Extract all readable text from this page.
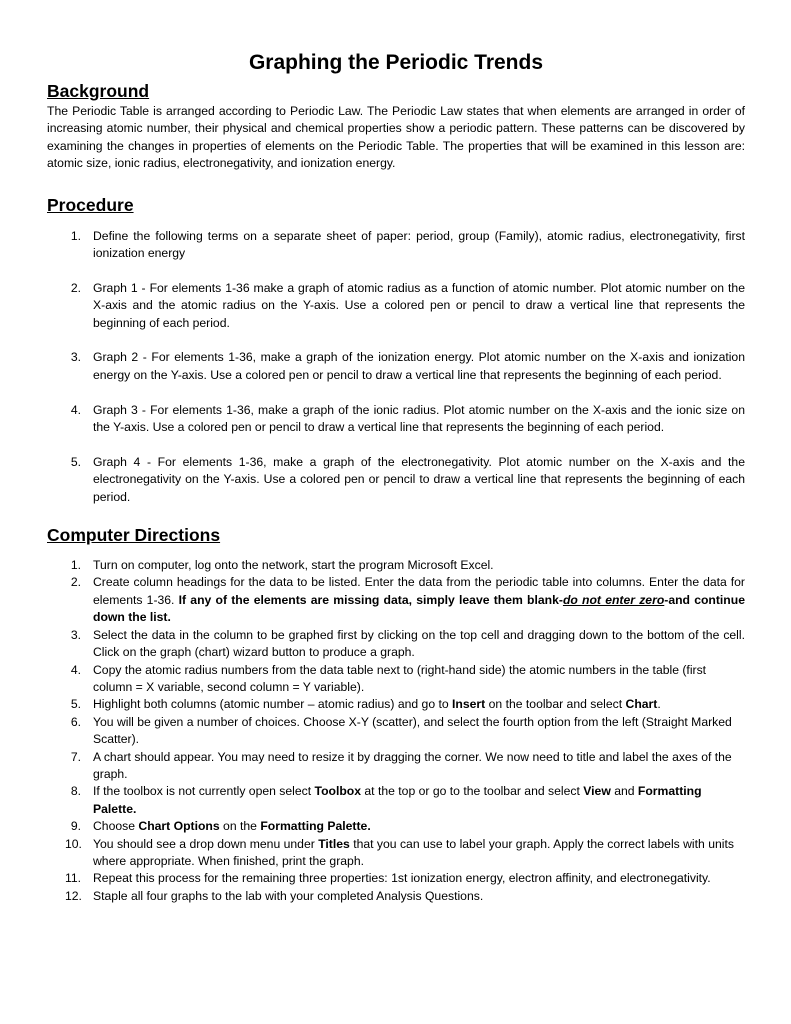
Graphing the Periodic Trends
Background

The Periodic Table is arranged according to Periodic Law. The Periodic Law states that when elements are arranged in order of increasing atomic number, their physical and chemical properties show a periodic pattern. These patterns can be discovered by examining the changes in properties of elements on the Periodic Table. The properties that will be examined in this lesson are: atomic size, ionic radius, electronegativity, and ionization energy.

Procedure
1. Define the following terms on a separate sheet of paper: period, group (Family), atomic radius, electronegativity, first ionization energy
2. Graph 1 - For elements 1-36 make a graph of atomic radius as a function of atomic number. Plot atomic number on the X-axis and the atomic radius on the Y-axis. Use a colored pen or pencil to draw a vertical line that represents the beginning of each period.
3. Graph 2 - For elements 1-36, make a graph of the ionization energy. Plot atomic number on the X-axis and ionization energy on the Y-axis. Use a colored pen or pencil to draw a vertical line that represents the beginning of each period.
4. Graph 3 - For elements 1-36, make a graph of the ionic radius. Plot atomic number on the X-axis and the ionic size on the Y-axis. Use a colored pen or pencil to draw a vertical line that represents the beginning of each period.
5. Graph 4 - For elements 1-36, make a graph of the electronegativity. Plot atomic number on the X-axis and the electronegativity on the Y-axis. Use a colored pen or pencil to draw a vertical line that represents the beginning of each period.
Computer Directions
1. Turn on computer, log onto the network, start the program Microsoft Excel.
2. Create column headings for the data to be listed. Enter the data from the periodic table into columns. Enter the data for elements 1-36. If any of the elements are missing data, simply leave them blank-do not enter zero-and continue down the list.
3. Select the data in the column to be graphed first by clicking on the top cell and dragging down to the bottom of the cell. Click on the graph (chart) wizard button to produce a graph.
4. Copy the atomic radius numbers from the data table next to (right-hand side) the atomic numbers in the table (first column = X variable, second column = Y variable).
5. Highlight both columns (atomic number – atomic radius) and go to Insert on the toolbar and select Chart.
6. You will be given a number of choices. Choose X-Y (scatter), and select the fourth option from the left (Straight Marked Scatter).
7. A chart should appear. You may need to resize it by dragging the corner. We now need to title and label the axes of the graph.
8. If the toolbox is not currently open select Toolbox at the top or go to the toolbar and select View and Formatting Palette.
9. Choose Chart Options on the Formatting Palette.
10. You should see a drop down menu under Titles that you can use to label your graph. Apply the correct labels with units where appropriate. When finished, print the graph.
11. Repeat this process for the remaining three properties: 1st ionization energy, electron affinity, and electronegativity.
12. Staple all four graphs to the lab with your completed Analysis Questions.
